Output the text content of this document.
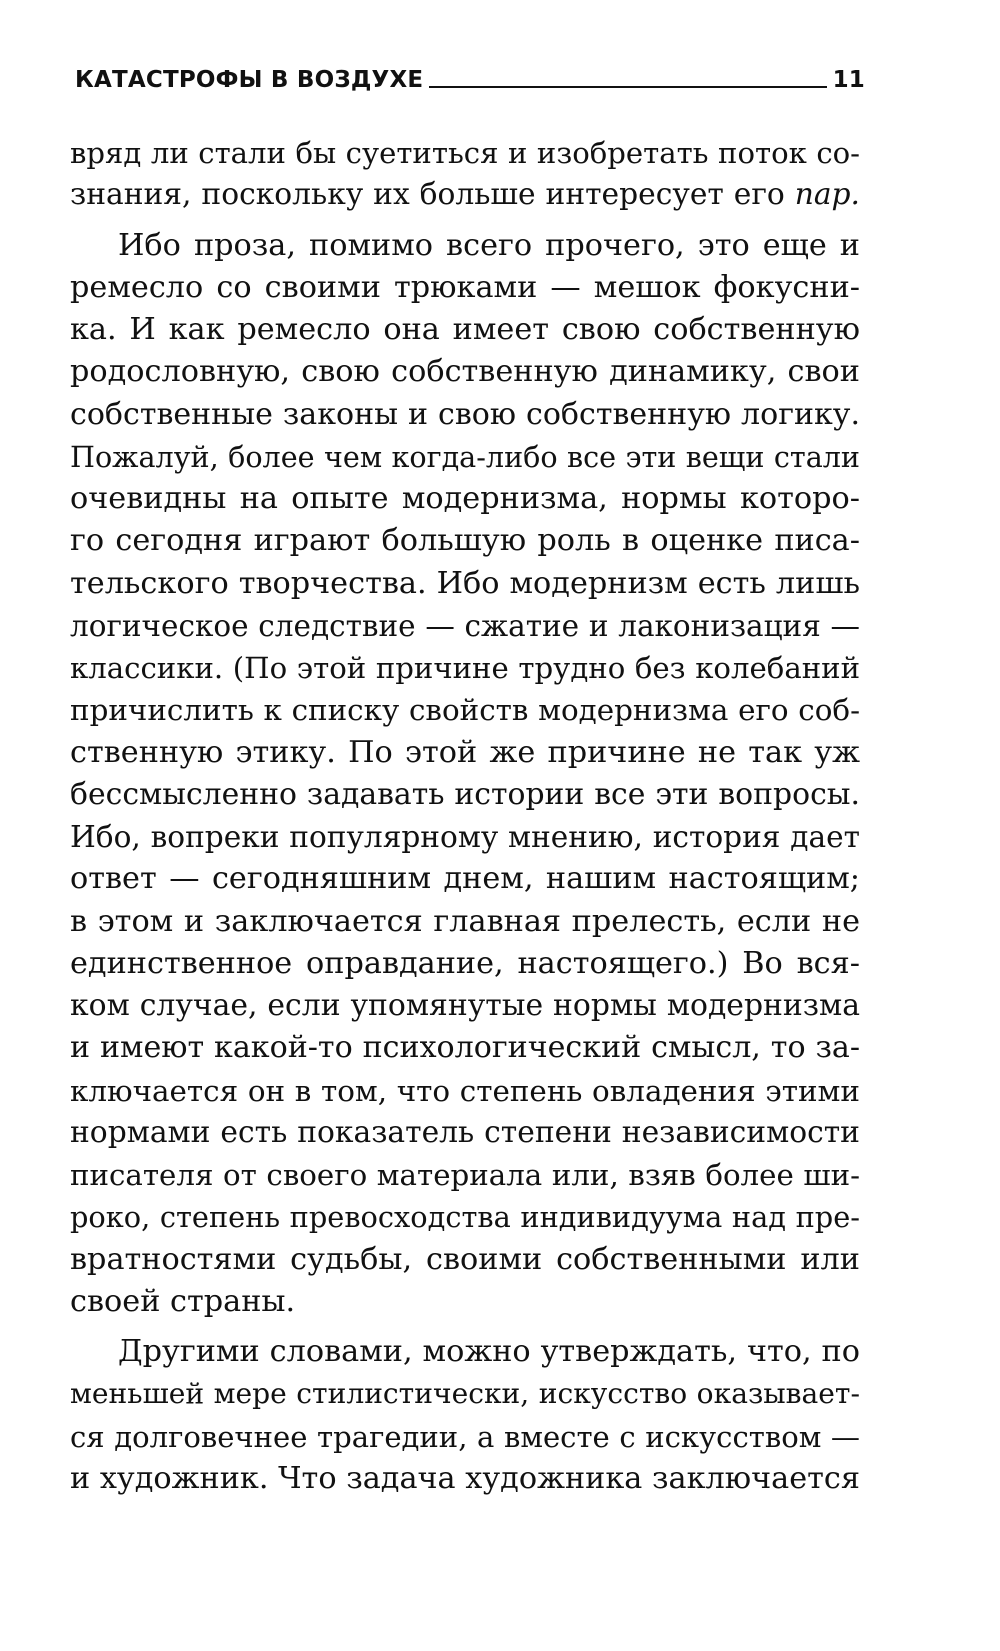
КАТАСТРОФЫ В ВОЗДУХЕ	11
вряд ли стали бы суетиться и изобретать поток со-
знания, поскольку их больше интересует его пар.
Ибо проза, помимо всего прочего, это еще и
ремесло со своими трюками — мешок фокусни-
ка. И как ремесло она имеет свою собственную
родословную, свою собственную динамику, свои
собственные законы и свою собственную логику.
Пожалуй, более чем когда-либо все эти вещи стали
очевидны на опыте модернизма, нормы которо-
го сегодня играют большую роль в оценке писа-
тельского творчества. Ибо модернизм есть лишь
логическое следствие — сжатие и лаконизация —
классики. (По этой причине трудно без колебаний
причислить к списку свойств модернизма его соб-
ственную этику. По этой же причине не так уж
бессмысленно задавать истории все эти вопросы.
Ибо, вопреки популярному мнению, история дает
ответ — сегодняшним днем, нашим настоящим;
в этом и заключается главная прелесть, если не
единственное оправдание, настоящего.) Во вся-
ком случае, если упомянутые нормы модернизма
и имеют какой-то психологический смысл, то за-
ключается он в том, что степень овладения этими
нормами есть показатель степени независимости
писателя от своего материала или, взяв более ши-
роко, степень превосходства индивидуума над пре-
вратностями судьбы, своими собственными или
своей страны.
Другими словами, можно утверждать, что, по
меньшей мере стилистически, искусство оказывает-
ся долговечнее трагедии, а вместе с искусством —
и художник. Что задача художника заключается
